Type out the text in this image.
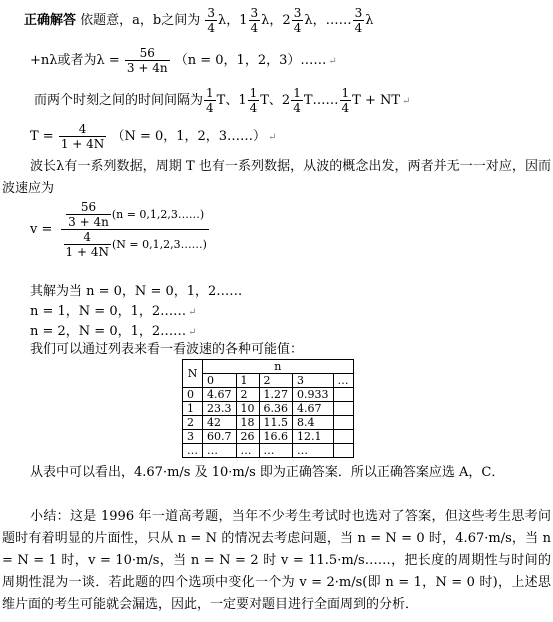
正确解答 依题意，a，b之间为 $\frac{3}{4}$ λ，$1 \frac{3}{4}$ λ，$2 \frac{3}{4}$ λ，…… $\frac{3}{4}$ λ
+nλ或者为$\lambda = \frac{56}{3 + 4n} (n = 0$，1，2，3）…… ↵
而两个时刻之间的时间间隔为 $\frac{1}{4}$ T、$1 \frac{1}{4}$ T、$2 \frac{1}{4}$ T…… $\frac{1}{4}$ T + NT ↵
$T = \frac{4}{1 + 4N} (N = 0$，1，2，3……） ↵
波长λ有一系列数据，周期 T 也有一系列数据，从波的概念出发，两者并无一一对应，因而波速应为
$v = \frac{\frac{56}{3 + 4n} (n = 0,1,2,3\dots\dots)}{\frac{4}{1 + 4N} (N = 0,1,2,3\dots\dots)}$
其解为当 n = 0，N = 0，1，2……
n = 1，N = 0，1，2…… ↵
n = 2，N = 0，1，2…… ↵
我们可以通过列表来看一看波速的各种可能值：
N	n				
	0	1	2	3	…
0	4.67	2	1.27	0.933	
1	23.3	10	6.36	4.67	
2	42	18	11.5	8.4	
3	60.7	26	16.6	12.1	
…	…	…	…	…	
从表中可以看出，4.67·m/s 及 10·m/s 即为正确答案．所以正确答案应选 A，C．
小结：这是 1996 年一道高考题，当年不少考生考试时也选对了答案，但这些考生思考问题时有着明显的片面性，只从 n = N 的情况去考虑问题，当 n = N = 0 时，4.67·m/s，当 n = N = 1 时，v = 10·m/s，当 n = N = 2 时 v = 11.5·m/s……，把长度的周期性与时间的周期性混为一谈．若此题的四个选项中变化一个为 v = 2·m/s(即 n = 1，N = 0 时)，上述思维片面的考生可能就会漏选，因此，一定要对题目进行全面周到的分析．
